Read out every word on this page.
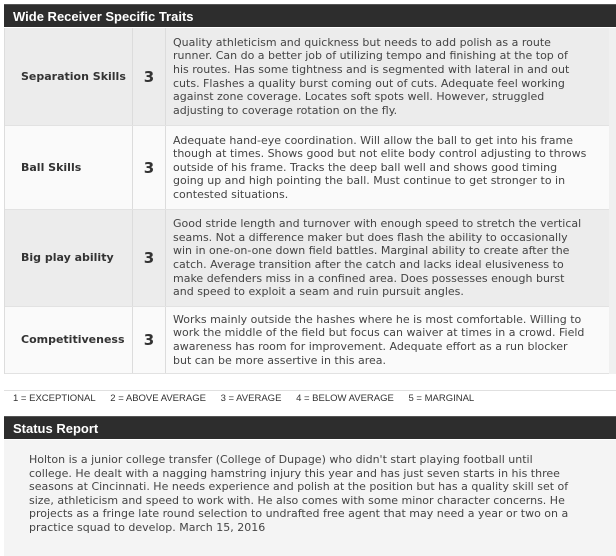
Wide Receiver Specific Traits
Separation Skills	3
Quality athleticism and quickness but needs to add polish as a route
runner. Can do a better job of utilizing tempo and finishing at the top of
his routes. Has some tightness and is segmented with lateral in and out
cuts. Flashes a quality burst coming out of cuts. Adequate feel working
against zone coverage. Locates soft spots well. However, struggled
adjusting to coverage rotation on the fly.
Ball Skills	3
Adequate hand-eye coordination. Will allow the ball to get into his frame
though at times. Shows good but not elite body control adjusting to throws
outside of his frame. Tracks the deep ball well and shows good timing
going up and high pointing the ball. Must continue to get stronger to in
contested situations.
Big play ability	3
Good stride length and turnover with enough speed to stretch the vertical
seams. Not a difference maker but does flash the ability to occasionally
win in one-on-one down field battles. Marginal ability to create after the
catch. Average transition after the catch and lacks ideal elusiveness to
make defenders miss in a confined area. Does possesses enough burst
and speed to exploit a seam and ruin pursuit angles.
Competitiveness	3
Works mainly outside the hashes where he is most comfortable. Willing to
work the middle of the field but focus can waiver at times in a crowd. Field
awareness has room for improvement. Adequate effort as a run blocker
but can be more assertive in this area.
1 = EXCEPTIONAL 2 = ABOVE AVERAGE 3 = AVERAGE 4 = BELOW AVERAGE 5 = MARGINAL
Status Report
Holton is a junior college transfer (College of Dupage) who didn't start playing football until
college. He dealt with a nagging hamstring injury this year and has just seven starts in his three
seasons at Cincinnati. He needs experience and polish at the position but has a quality skill set of
size, athleticism and speed to work with. He also comes with some minor character concerns. He
projects as a fringe late round selection to undrafted free agent that may need a year or two on a
practice squad to develop. March 15, 2016
